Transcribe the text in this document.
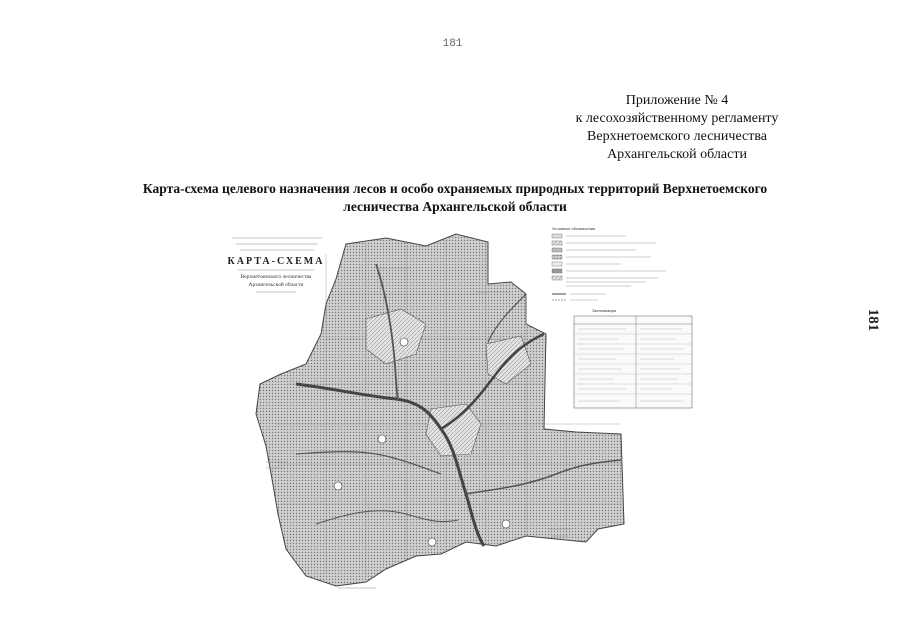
181
181
Приложение № 4
к лесохозяйственному регламенту
Верхнетоемского лесничества
Архангельской области
Карта-схема целевого назначения лесов и особо охраняемых природных территорий Верхнетоемского
лесничества Архангельской области
КАРТА-СХЕМА
Верхнетоемского лесничества
Архангельской области
Условные обозначения
Экспликация
